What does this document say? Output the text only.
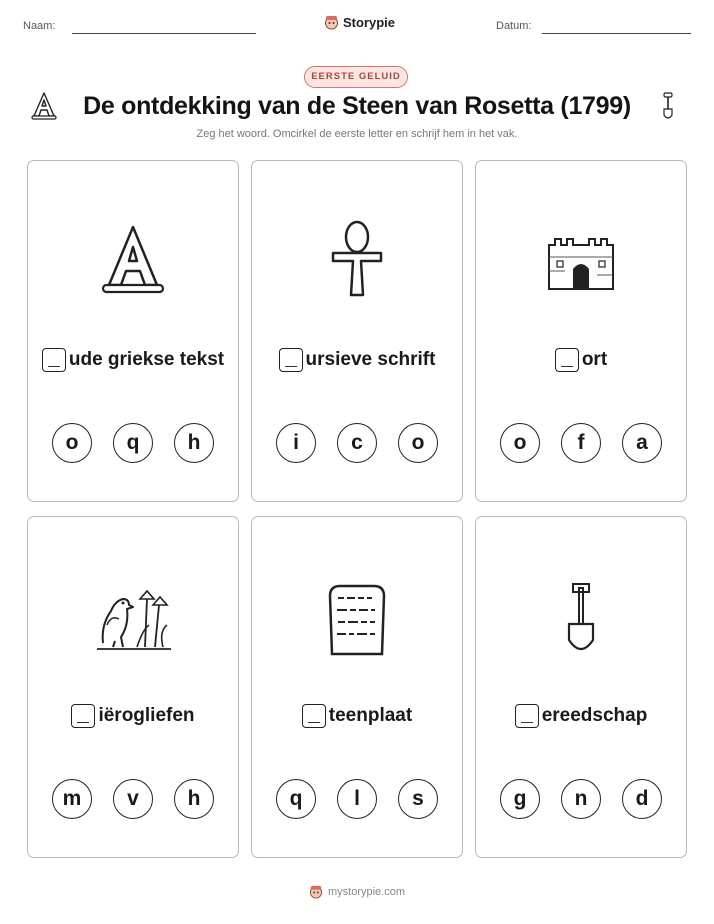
Naam:	Storypie	Datum:
EERSTE GELUID
De ontdekking van de Steen van Rosetta (1799)
Zeg het woord. Omcirkel de eerste letter en schrijf hem in het vak.
ude griekse tekst
o	q	h
ursieve schrift
i	c	o
ort
o	f	a
iërogliefen
m	v	h
teenplaat
q	l	s
ereedschap
g	n	d
mystorypie.com
